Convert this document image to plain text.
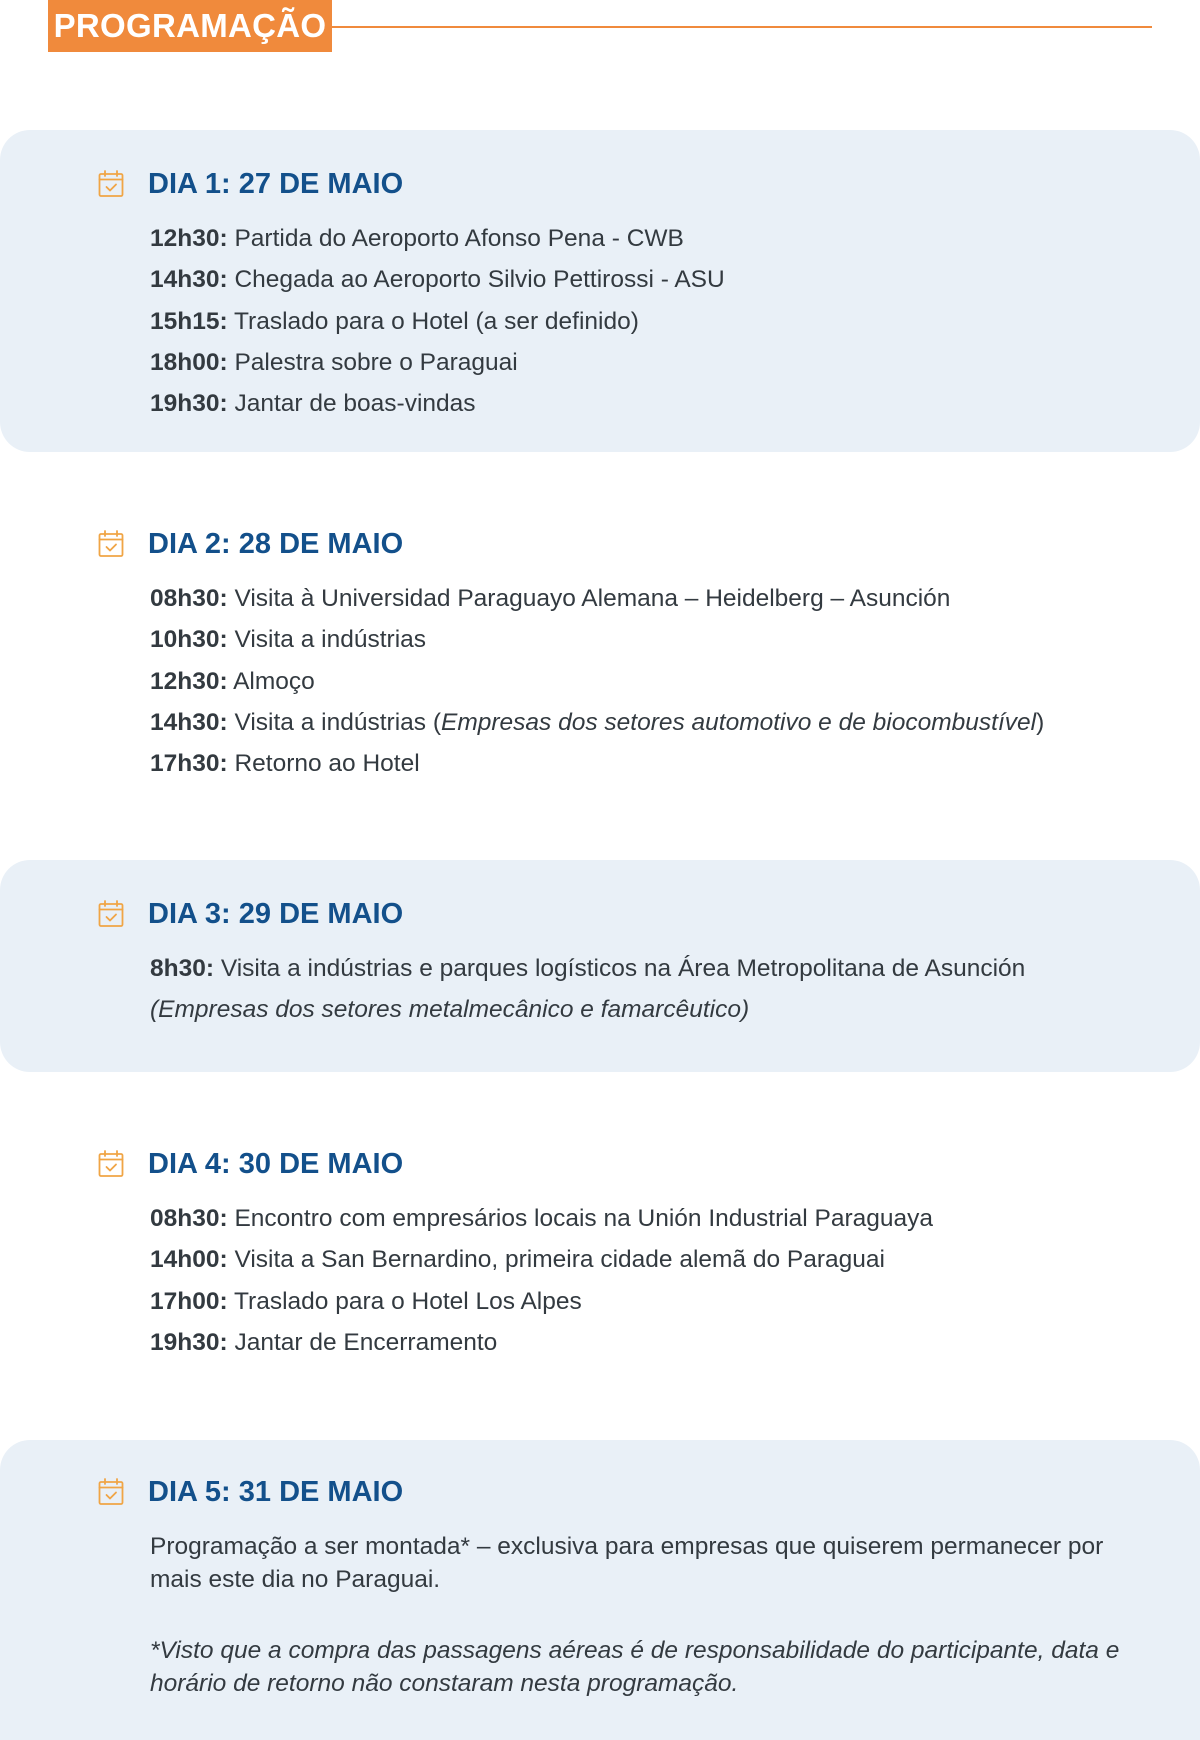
PROGRAMAÇÃO
DIA 1: 27 DE MAIO
12h30: Partida do Aeroporto Afonso Pena - CWB
14h30: Chegada ao Aeroporto Silvio Pettirossi - ASU
15h15: Traslado para o Hotel (a ser definido)
18h00: Palestra sobre o Paraguai
19h30: Jantar de boas-vindas
DIA 2: 28 DE MAIO
08h30: Visita à Universidad Paraguayo Alemana – Heidelberg – Asunción
10h30: Visita a indústrias
12h30: Almoço
14h30: Visita a indústrias (Empresas dos setores automotivo e de biocombustível)
17h30: Retorno ao Hotel
DIA 3: 29 DE MAIO
8h30: Visita a indústrias e parques logísticos na Área Metropolitana de Asunción
(Empresas dos setores metalmecânico e famarcêutico)
DIA 4: 30 DE MAIO
08h30: Encontro com empresários locais na Unión Industrial Paraguaya
14h00: Visita a San Bernardino, primeira cidade alemã do Paraguai
17h00: Traslado para o Hotel Los Alpes
19h30: Jantar de Encerramento
DIA 5: 31 DE MAIO

Programação a ser montada* – exclusiva para empresas que quiserem permanecer por mais este dia no Paraguai.

*Visto que a compra das passagens aéreas é de responsabilidade do participante, data e horário de retorno não constaram nesta programação.
